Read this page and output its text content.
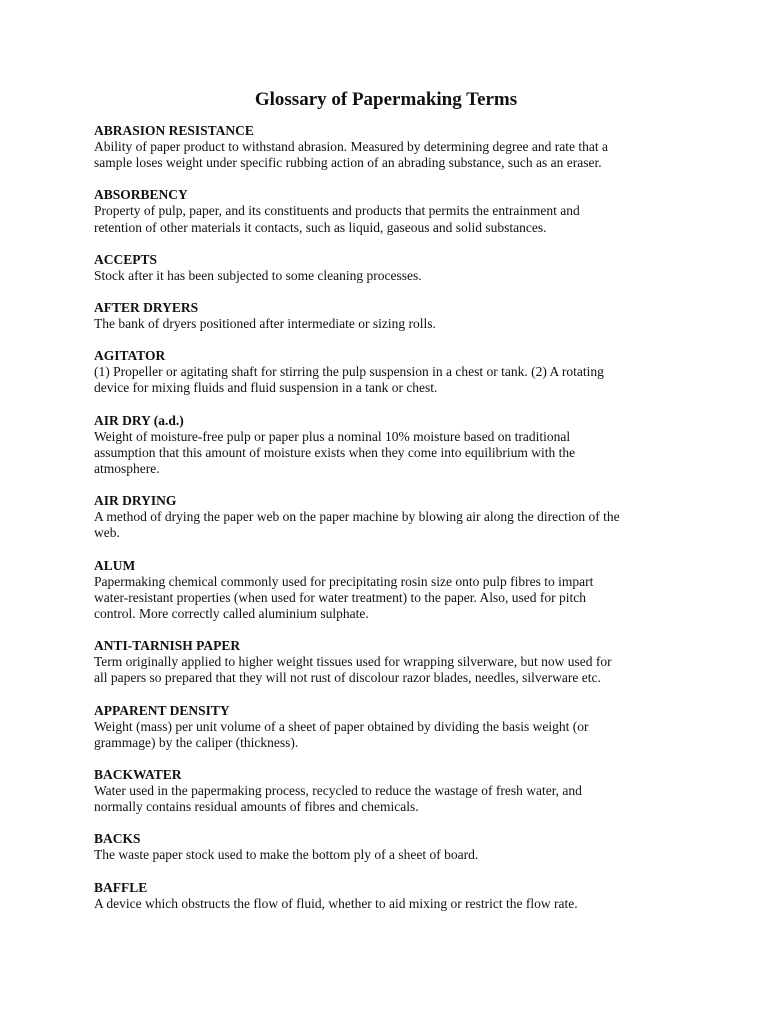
Glossary of Papermaking Terms

ABRASION RESISTANCE

Ability of paper product to withstand abrasion. Measured by determining degree and rate that a
sample loses weight under specific rubbing action of an abrading substance, such as an eraser.

ABSORBENCY

Property of pulp, paper, and its constituents and products that permits the entrainment and
retention of other materials it contacts, such as liquid, gaseous and solid substances.

ACCEPTS

Stock after it has been subjected to some cleaning processes.

AFTER DRYERS

The bank of dryers positioned after intermediate or sizing rolls.

AGITATOR

(1) Propeller or agitating shaft for stirring the pulp suspension in a chest or tank. (2) A rotating
device for mixing fluids and fluid suspension in a tank or chest.

AIR DRY (a.d.)

Weight of moisture-free pulp or paper plus a nominal 10% moisture based on traditional
assumption that this amount of moisture exists when they come into equilibrium with the
atmosphere.

AIR DRYING

A method of drying the paper web on the paper machine by blowing air along the direction of the
web.

ALUM

Papermaking chemical commonly used for precipitating rosin size onto pulp fibres to impart
water-resistant properties (when used for water treatment) to the paper. Also, used for pitch
control. More correctly called aluminium sulphate.

ANTI-TARNISH PAPER

Term originally applied to higher weight tissues used for wrapping silverware, but now used for
all papers so prepared that they will not rust of discolour razor blades, needles, silverware etc.

APPARENT DENSITY

Weight (mass) per unit volume of a sheet of paper obtained by dividing the basis weight (or
grammage) by the caliper (thickness).

BACKWATER

Water used in the papermaking process, recycled to reduce the wastage of fresh water, and
normally contains residual amounts of fibres and chemicals.

BACKS

The waste paper stock used to make the bottom ply of a sheet of board.

BAFFLE

A device which obstructs the flow of fluid, whether to aid mixing or restrict the flow rate.
